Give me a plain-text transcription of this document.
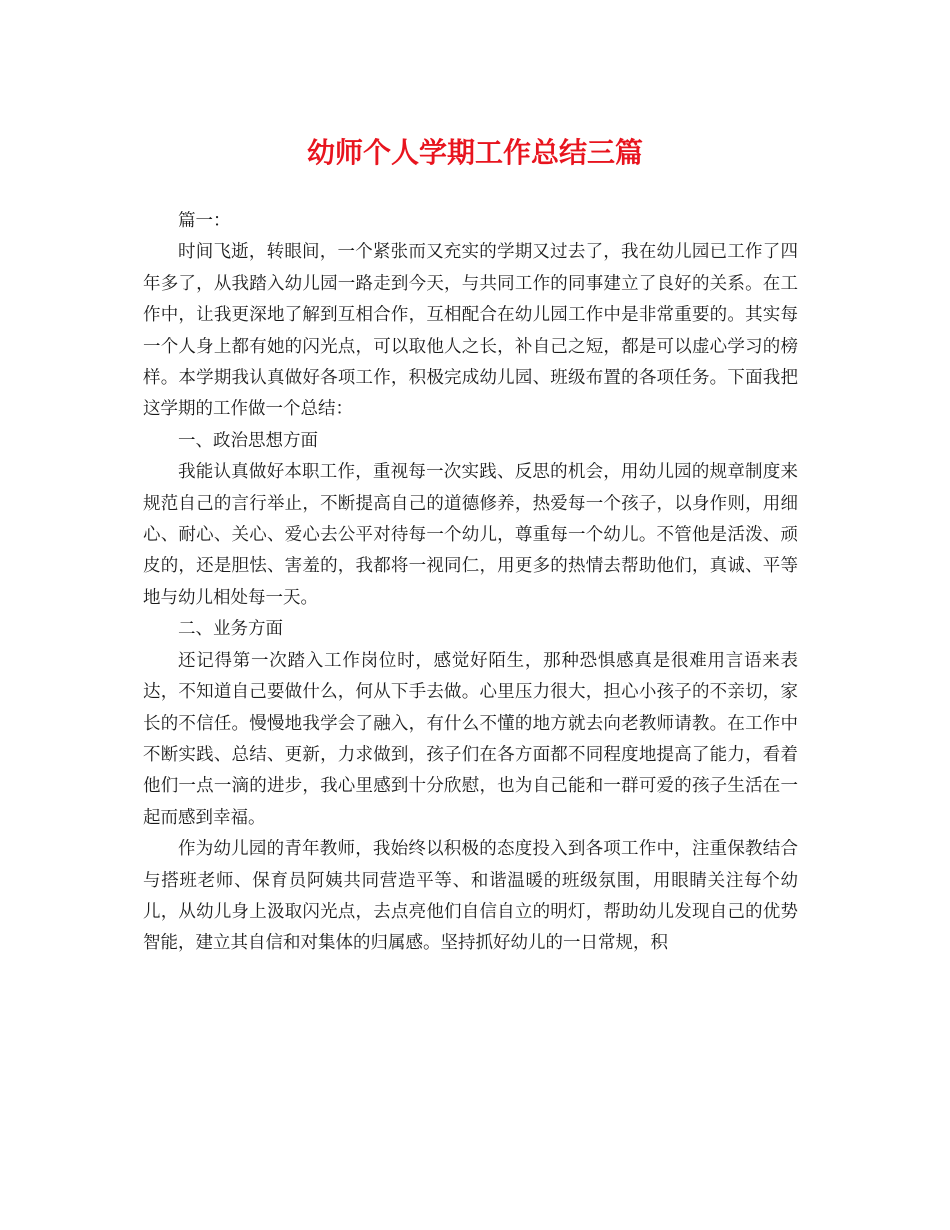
幼师个人学期工作总结三篇

篇一：

时间飞逝，转眼间，一个紧张而又充实的学期又过去了，我在幼儿园已工作了四年多了，从我踏入幼儿园一路走到今天，与共同工作的同事建立了良好的关系。在工作中，让我更深地了解到互相合作，互相配合在幼儿园工作中是非常重要的。其实每一个人身上都有她的闪光点，可以取他人之长，补自己之短，都是可以虚心学习的榜样。本学期我认真做好各项工作，积极完成幼儿园、班级布置的各项任务。下面我把这学期的工作做一个总结：

一、政治思想方面

我能认真做好本职工作，重视每一次实践、反思的机会，用幼儿园的规章制度来规范自己的言行举止，不断提高自己的道德修养，热爱每一个孩子，以身作则，用细心、耐心、关心、爱心去公平对待每一个幼儿，尊重每一个幼儿。不管他是活泼、顽皮的，还是胆怯、害羞的，我都将一视同仁，用更多的热情去帮助他们，真诚、平等地与幼儿相处每一天。

二、业务方面

还记得第一次踏入工作岗位时，感觉好陌生，那种恐惧感真是很难用言语来表达，不知道自己要做什么，何从下手去做。心里压力很大，担心小孩子的不亲切，家长的不信任。慢慢地我学会了融入，有什么不懂的地方就去向老教师请教。在工作中不断实践、总结、更新，力求做到，孩子们在各方面都不同程度地提高了能力，看着他们一点一滴的进步，我心里感到十分欣慰，也为自己能和一群可爱的孩子生活在一起而感到幸福。

作为幼儿园的青年教师，我始终以积极的态度投入到各项工作中，注重保教结合与搭班老师、保育员阿姨共同营造平等、和谐温暖的班级氛围，用眼睛关注每个幼儿，从幼儿身上汲取闪光点，去点亮他们自信自立的明灯，帮助幼儿发现自己的优势智能，建立其自信和对集体的归属感。坚持抓好幼儿的一日常规，积
